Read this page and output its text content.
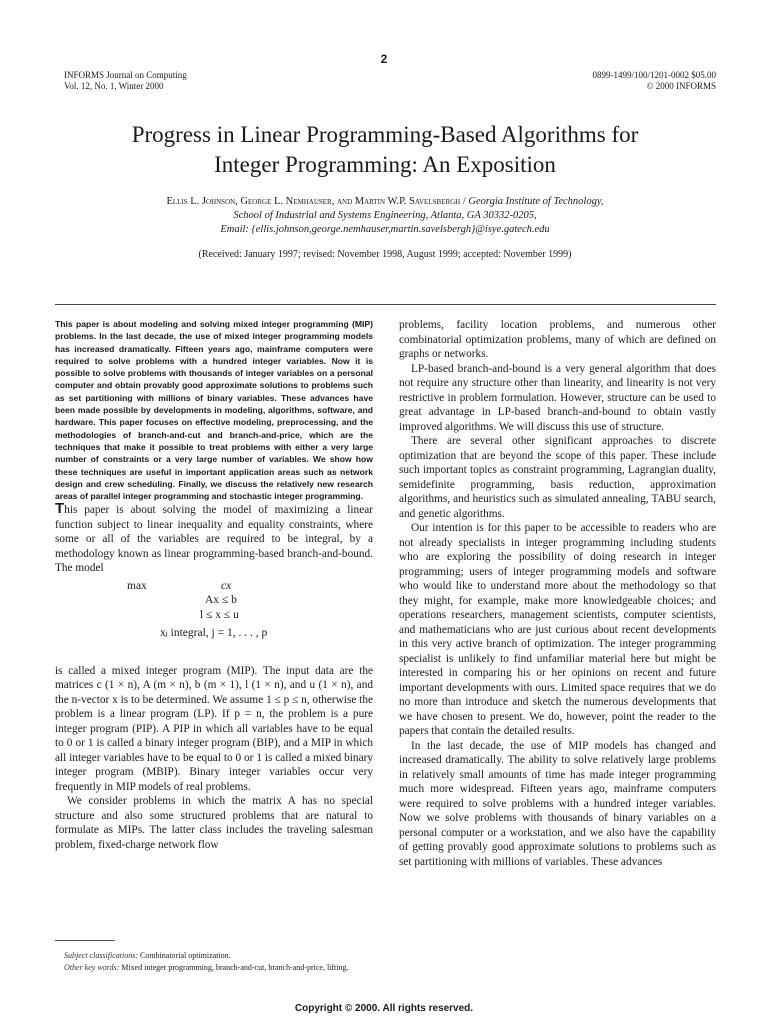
2
INFORMS Journal on Computing
Vol. 12, No. 1, Winter 2000
0899-1499/100/1201-0002 $05.00
© 2000 INFORMS
Progress in Linear Programming-Based Algorithms for
Integer Programming: An Exposition
Ellis L. Johnson, George L. Nemhauser, and Martin W.P. Savelsbergh / Georgia Institute of Technology,
School of Industrial and Systems Engineering, Atlanta, GA 30332-0205,
Email: {ellis.johnson,george.nemhauser,martin.savelsbergh}@isye.gatech.edu
(Received: January 1997; revised: November 1998, August 1999; accepted: November 1999)

This paper is about modeling and solving mixed integer programming (MIP) problems. In the last decade, the use of mixed integer programming models has increased dramatically. Fifteen years ago, mainframe computers were required to solve problems with a hundred integer variables. Now it is possible to solve problems with thousands of integer variables on a personal computer and obtain provably good approximate solutions to problems such as set partitioning with millions of binary variables. These advances have been made possible by developments in modeling, algorithms, software, and hardware. This paper focuses on effective modeling, preprocessing, and the methodologies of branch-and-cut and branch-and-price, which are the techniques that make it possible to treat problems with either a very large number of constraints or a very large number of variables. We show how these techniques are useful in important application areas such as network design and crew scheduling. Finally, we discuss the relatively new research areas of parallel integer programming and stochastic integer programming.

This paper is about solving the model of maximizing a linear function subject to linear inequality and equality constraints, where some or all of the variables are required to be integral, by a methodology known as linear programming-based branch-and-bound. The model

max	cx
Ax ≤ b
l ≤ x ≤ u
xⱼ integral, j = 1, . . . , p

is called a mixed integer program (MIP). The input data are the matrices c (1 × n), A (m × n), b (m × 1), l (1 × n), and u (1 × n), and the n-vector x is to be determined. We assume 1 ≤ p ≤ n, otherwise the problem is a linear program (LP). If p = n, the problem is a pure integer program (PIP). A PIP in which all variables have to be equal to 0 or 1 is called a binary integer program (BIP), and a MIP in which all integer variables have to be equal to 0 or 1 is called a mixed binary integer program (MBIP). Binary integer variables occur very frequently in MIP models of real problems.

We consider problems in which the matrix A has no special structure and also some structured problems that are natural to formulate as MIPs. The latter class includes the traveling salesman problem, fixed-charge network flow

problems, facility location problems, and numerous other combinatorial optimization problems, many of which are defined on graphs or networks.

LP-based branch-and-bound is a very general algorithm that does not require any structure other than linearity, and linearity is not very restrictive in problem formulation. However, structure can be used to great advantage in LP-based branch-and-bound to obtain vastly improved algorithms. We will discuss this use of structure.

There are several other significant approaches to discrete optimization that are beyond the scope of this paper. These include such important topics as constraint programming, Lagrangian duality, semidefinite programming, basis reduction, approximation algorithms, and heuristics such as simulated annealing, TABU search, and genetic algorithms.

Our intention is for this paper to be accessible to readers who are not already specialists in integer programming including students who are exploring the possibility of doing research in integer programming; users of integer programming models and software who would like to understand more about the methodology so that they might, for example, make more knowledgeable choices; and operations researchers, management scientists, computer scientists, and mathematicians who are just curious about recent developments in this very active branch of optimization. The integer programming specialist is unlikely to find unfamiliar material here but might be interested in comparing his or her opinions on recent and future important developments with ours. Limited space requires that we do no more than introduce and sketch the numerous developments that we have chosen to present. We do, however, point the reader to the papers that contain the detailed results.

In the last decade, the use of MIP models has changed and increased dramatically. The ability to solve relatively large problems in relatively small amounts of time has made integer programming much more widespread. Fifteen years ago, mainframe computers were required to solve problems with a hundred integer variables. Now we solve problems with thousands of binary variables on a personal computer or a workstation, and we also have the capability of getting provably good approximate solutions to problems such as set partitioning with millions of variables. These advances

Subject classifications: Combinatorial optimization.
Other key words: Mixed integer programming, branch-and-cut, branch-and-price, lifting.
Copyright © 2000. All rights reserved.
